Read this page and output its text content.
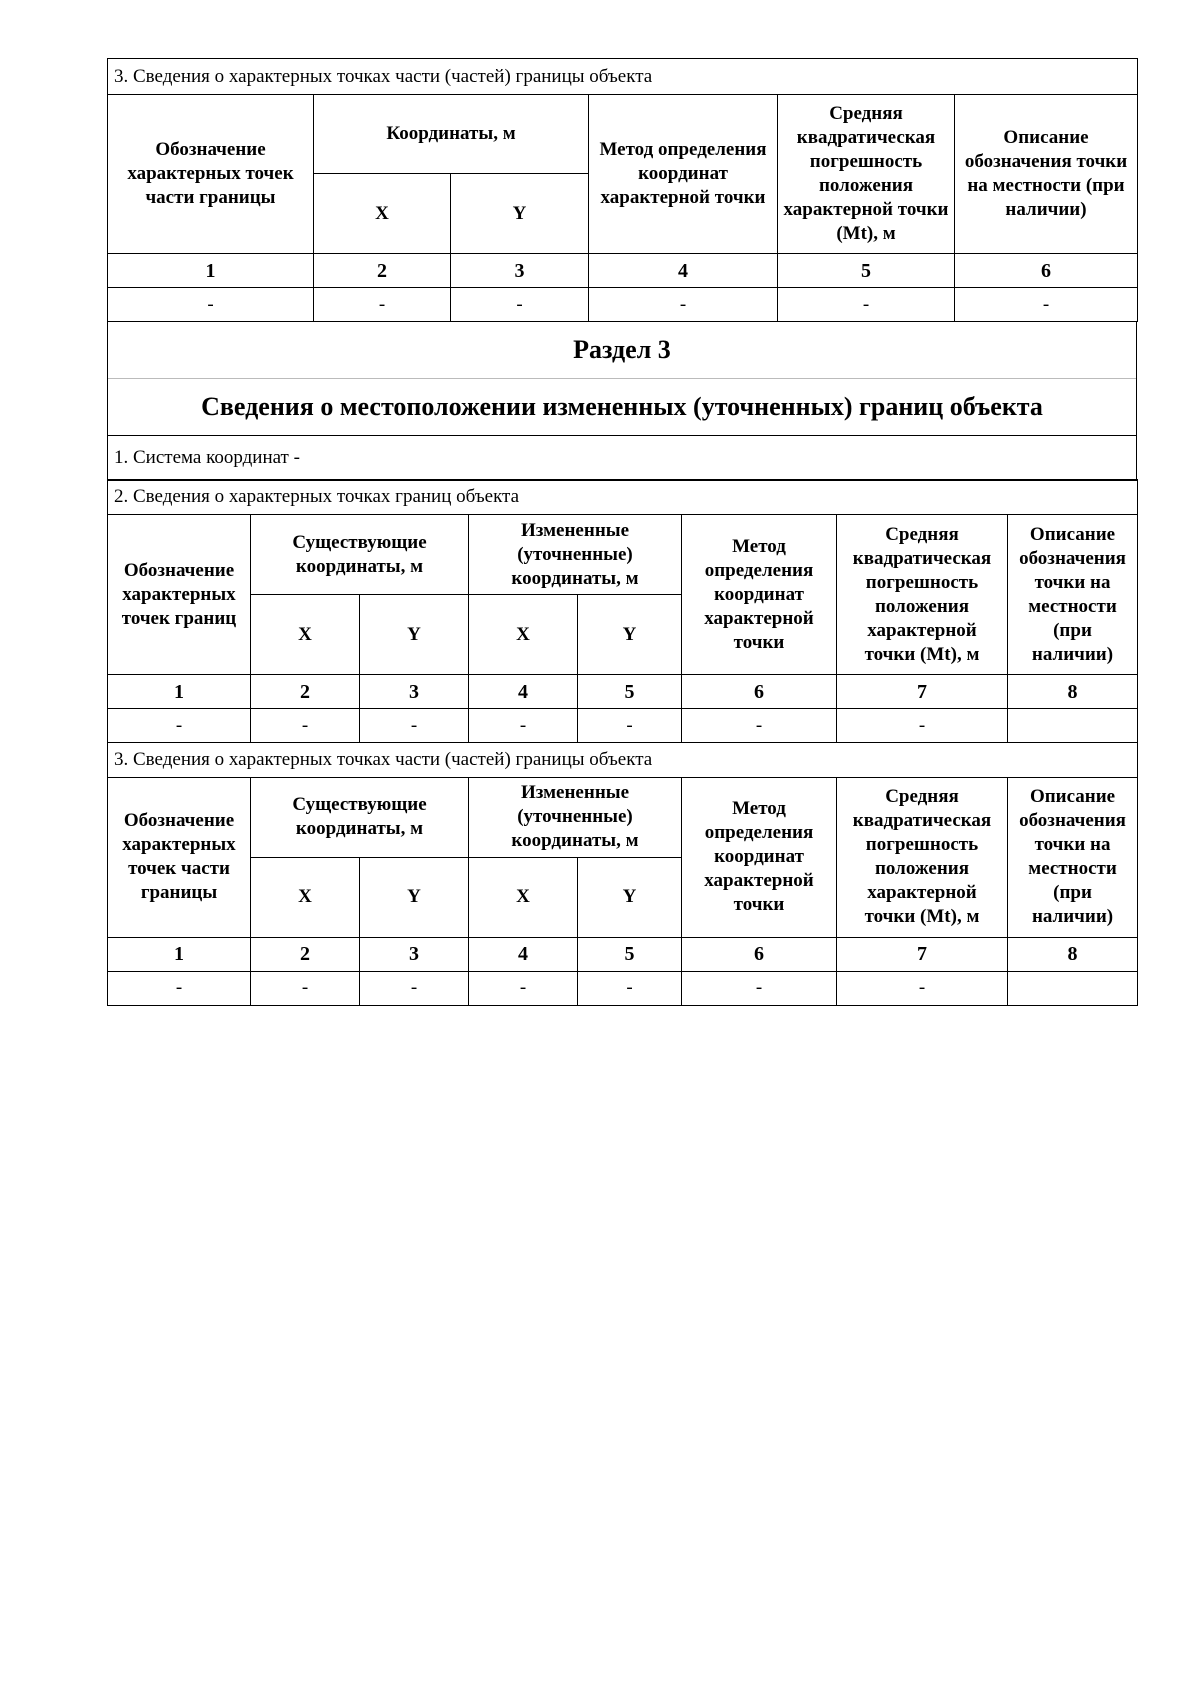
3. Сведения о характерных точках части (частей) границы объекта					
Обозначение характерных точек части границы	Координаты, м		Метод определения координат характерной точки	Средняя квадратическая погрешность положения характерной точки (Mt), м	Описание обозначения точки на местности (при наличии)
	X	Y			
1	2	3	4	5	6
-	-	-	-	-	-
Раздел 3
Сведения о местоположении измененных (уточненных) границ объекта
1. Система координат -
2. Сведения о характерных точках границ объекта							
Обозначение характерных точек границ	Существующие координаты, м		Измененные (уточненные) координаты, м		Метод определения координат характерной точки	Средняя квадратическая погрешность положения характерной точки (Mt), м	Описание обозначения точки на местности (при наличии)
	X	Y	X	Y			
1	2	3	4	5	6	7	8
-	-	-	-	-	-	-	
3. Сведения о характерных точках части (частей) границы объекта							
Обозначение характерных точек части границы	Существующие координаты, м		Измененные (уточненные) координаты, м		Метод определения координат характерной точки	Средняя квадратическая погрешность положения характерной точки (Mt), м	Описание обозначения точки на местности (при наличии)
	X	Y	X	Y			
1	2	3	4	5	6	7	8
-	-	-	-	-	-	-	
